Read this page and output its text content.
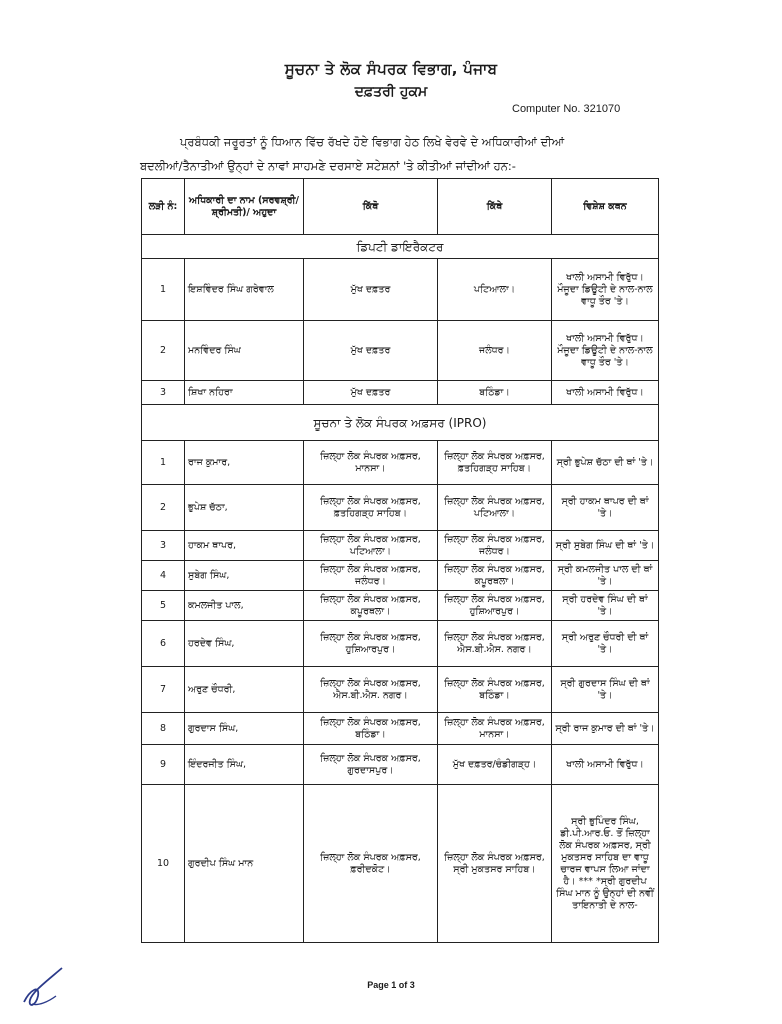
ਸੂਚਨਾ ਤੇ ਲੋਕ ਸੰਪਰਕ ਵਿਭਾਗ, ਪੰਜਾਬ
ਦਫ਼ਤਰੀ ਹੁਕਮ
Computer No. 321070
ਪ੍ਰਬੰਧਕੀ ਜਰੂਰਤਾਂ ਨੂੰ ਧਿਆਨ ਵਿੱਚ ਰੱਖਦੇ ਹੋਏ ਵਿਭਾਗ ਹੇਠ ਲਿਖੇ ਵੇਰਵੇ ਦੇ ਅਧਿਕਾਰੀਆਂ ਦੀਆਂ
ਬਦਲੀਆਂ/ਤੈਨਾਤੀਆਂ ਉਨ੍ਹਾਂ ਦੇ ਨਾਵਾਂ ਸਾਹਮਣੇ ਦਰਸਾਏ ਸਟੇਸ਼ਨਾਂ 'ਤੇ ਕੀਤੀਆਂ ਜਾਂਦੀਆਂ ਹਨ:-
ਲੜੀ ਨੰ:	ਅਧਿਕਾਰੀ ਦਾ ਨਾਮ (ਸਰਵਸ਼੍ਰੀ/ਸ਼੍ਰੀਮਤੀ)/ ਅਹੁਦਾ	ਕਿੱਥੋ	ਕਿੱਥੇ	ਵਿਸ਼ੇਸ਼ ਕਥਨ
ਡਿਪਟੀ ਡਾਇਰੈਕਟਰ				
1	ਇਸ਼ਵਿੰਦਰ ਸਿੰਘ ਗਰੇਵਾਲ	ਮੁੱਖ ਦਫ਼ਤਰ	ਪਟਿਆਲਾ।	ਖਾਲੀ ਅਸਾਮੀ ਵਿਰੁੱਧ। ਮੌਜੂਦਾ ਡਿਊਟੀ ਦੇ ਨਾਲ-ਨਾਲ ਵਾਧੂ ਤੌਰ 'ਤੇ।
2	ਮਨਵਿੰਦਰ ਸਿੰਘ	ਮੁੱਖ ਦਫ਼ਤਰ	ਜਲੰਧਰ।	ਖਾਲੀ ਅਸਾਮੀ ਵਿਰੁੱਧ। ਮੌਜੂਦਾ ਡਿਊਟੀ ਦੇ ਨਾਲ-ਨਾਲ ਵਾਧੂ ਤੌਰ 'ਤੇ।
3	ਸ਼ਿਖਾ ਨਹਿਰਾ	ਮੁੱਖ ਦਫ਼ਤਰ	ਬਠਿੰਡਾ।	ਖਾਲੀ ਅਸਾਮੀ ਵਿਰੁੱਧ।
ਸੂਚਨਾ ਤੇ ਲੋਕ ਸੰਪਰਕ ਅਫ਼ਸਰ (IPRO)				
1	ਰਾਜ ਕੁਮਾਰ,	ਜ਼ਿਲ੍ਹਾ ਲੋਕ ਸੰਪਰਕ ਅਫ਼ਸਰ, ਮਾਨਸਾ।	ਜ਼ਿਲ੍ਹਾ ਲੋਕ ਸੰਪਰਕ ਅਫ਼ਸਰ, ਫ਼ਤਹਿਗੜ੍ਹ ਸਾਹਿਬ।	ਸ੍ਰੀ ਭੁਪੇਸ਼ ਚੱਠਾ ਦੀ ਥਾਂ 'ਤੇ।
2	ਭੁਪੇਸ਼ ਚੱਠਾ,	ਜ਼ਿਲ੍ਹਾ ਲੋਕ ਸੰਪਰਕ ਅਫ਼ਸਰ, ਫ਼ਤਹਿਗੜ੍ਹ ਸਾਹਿਬ।	ਜ਼ਿਲ੍ਹਾ ਲੋਕ ਸੰਪਰਕ ਅਫ਼ਸਰ, ਪਟਿਆਲਾ।	ਸ੍ਰੀ ਹਾਕਮ ਥਾਪਰ ਦੀ ਥਾਂ 'ਤੇ।
3	ਹਾਕਮ ਥਾਪਰ,	ਜ਼ਿਲ੍ਹਾ ਲੋਕ ਸੰਪਰਕ ਅਫ਼ਸਰ, ਪਟਿਆਲਾ।	ਜ਼ਿਲ੍ਹਾ ਲੋਕ ਸੰਪਰਕ ਅਫ਼ਸਰ, ਜਲੰਧਰ।	ਸ੍ਰੀ ਸੁਬੇਗ ਸਿੰਘ ਦੀ ਥਾਂ 'ਤੇ।
4	ਸੁਬੇਗ ਸਿੰਘ,	ਜ਼ਿਲ੍ਹਾ ਲੋਕ ਸੰਪਰਕ ਅਫ਼ਸਰ, ਜਲੰਧਰ।	ਜ਼ਿਲ੍ਹਾ ਲੋਕ ਸੰਪਰਕ ਅਫ਼ਸਰ, ਕਪੂਰਥਲਾ।	ਸ੍ਰੀ ਕਮਲਜੀਤ ਪਾਲ ਦੀ ਥਾਂ 'ਤੇ।
5	ਕਮਲਜੀਤ ਪਾਲ,	ਜ਼ਿਲ੍ਹਾ ਲੋਕ ਸੰਪਰਕ ਅਫ਼ਸਰ, ਕਪੂਰਥਲਾ।	ਜ਼ਿਲ੍ਹਾ ਲੋਕ ਸੰਪਰਕ ਅਫ਼ਸਰ, ਹੁਸ਼ਿਆਰਪੁਰ।	ਸ੍ਰੀ ਹਰਦੇਵ ਸਿੰਘ ਦੀ ਥਾਂ 'ਤੇ।
6	ਹਰਦੇਵ ਸਿੰਘ,	ਜ਼ਿਲ੍ਹਾ ਲੋਕ ਸੰਪਰਕ ਅਫ਼ਸਰ, ਹੁਸ਼ਿਆਰਪੁਰ।	ਜ਼ਿਲ੍ਹਾ ਲੋਕ ਸੰਪਰਕ ਅਫ਼ਸਰ, ਐਸ.ਬੀ.ਐਸ. ਨਗਰ।	ਸ੍ਰੀ ਅਰੁਣ ਚੌਧਰੀ ਦੀ ਥਾਂ 'ਤੇ।
7	ਅਰੁਣ ਚੌਧਰੀ,	ਜ਼ਿਲ੍ਹਾ ਲੋਕ ਸੰਪਰਕ ਅਫ਼ਸਰ, ਐਸ.ਬੀ.ਐਸ. ਨਗਰ।	ਜ਼ਿਲ੍ਹਾ ਲੋਕ ਸੰਪਰਕ ਅਫ਼ਸਰ, ਬਠਿੰਡਾ।	ਸ੍ਰੀ ਗੁਰਦਾਸ ਸਿੰਘ ਦੀ ਥਾਂ 'ਤੇ।
8	ਗੁਰਦਾਸ ਸਿੰਘ,	ਜ਼ਿਲ੍ਹਾ ਲੋਕ ਸੰਪਰਕ ਅਫ਼ਸਰ, ਬਠਿੰਡਾ।	ਜ਼ਿਲ੍ਹਾ ਲੋਕ ਸੰਪਰਕ ਅਫ਼ਸਰ, ਮਾਨਸਾ।	ਸ੍ਰੀ ਰਾਜ ਕੁਮਾਰ ਦੀ ਥਾਂ 'ਤੇ।
9	ਇੰਦਰਜੀਤ ਸਿੰਘ,	ਜ਼ਿਲ੍ਹਾ ਲੋਕ ਸੰਪਰਕ ਅਫ਼ਸਰ, ਗੁਰਦਾਸਪੁਰ।	ਮੁੱਖ ਦਫ਼ਤਰ/ਚੰਡੀਗੜ੍ਹ।	ਖਾਲੀ ਅਸਾਮੀ ਵਿਰੁੱਧ।
10	ਗੁਰਦੀਪ ਸਿੰਘ ਮਾਨ	ਜ਼ਿਲ੍ਹਾ ਲੋਕ ਸੰਪਰਕ ਅਫ਼ਸਰ, ਫ਼ਰੀਦਕੋਟ।	ਜ਼ਿਲ੍ਹਾ ਲੋਕ ਸੰਪਰਕ ਅਫ਼ਸਰ, ਸ੍ਰੀ ਮੁਕਤਸਰ ਸਾਹਿਬ।	ਸ੍ਰੀ ਭੁਪਿੰਦਰ ਸਿੰਘ, ਡੀ.ਪੀ.ਆਰ.ਓ. ਤੋਂ ਜ਼ਿਲ੍ਹਾ ਲੋਕ ਸੰਪਰਕ ਅਫ਼ਸਰ, ਸ੍ਰੀ ਮੁਕਤਸਰ ਸਾਹਿਬ ਦਾ ਵਾਧੂ ਚਾਰਜ ਵਾਪਸ ਲਿਆ ਜਾਂਦਾ ਹੈ। *** *ਸ੍ਰੀ ਗੁਰਦੀਪ ਸਿੰਘ ਮਾਨ ਨੂੰ ਉਨ੍ਹਾਂ ਦੀ ਨਵੀਂ ਤਾਇਨਾਤੀ ਦੇ ਨਾਲ-
Page 1 of 3
